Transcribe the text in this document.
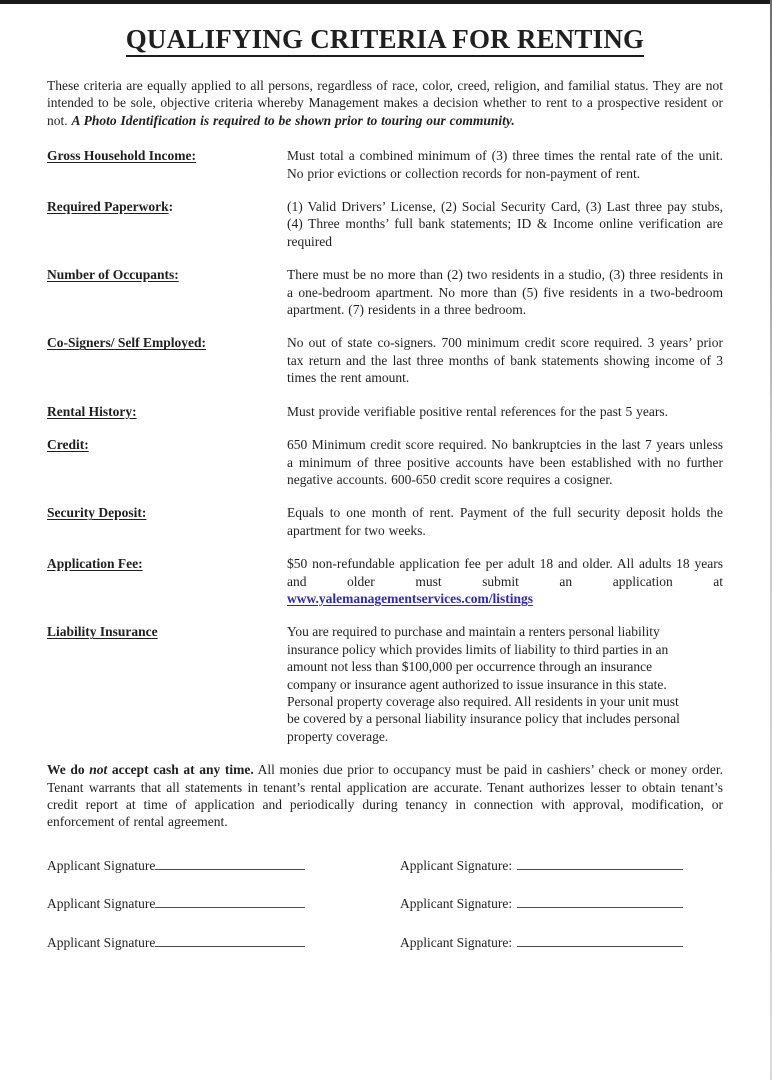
QUALIFYING CRITERIA FOR RENTING

These criteria are equally applied to all persons, regardless of race, color, creed, religion, and familial status. They are not intended to be sole, objective criteria whereby Management makes a decision whether to rent to a prospective resident or not. A Photo Identification is required to be shown prior to touring our community.

Gross Household Income:	Must total a combined minimum of (3) three times the rental rate of the unit. No prior evictions or collection records for non-payment of rent.
Required Paperwork:	(1) Valid Drivers’ License, (2) Social Security Card, (3) Last three pay stubs, (4) Three months’ full bank statements; ID & Income online verification are required
Number of Occupants:	There must be no more than (2) two residents in a studio, (3) three residents in a one-bedroom apartment. No more than (5) five residents in a two-bedroom apartment. (7) residents in a three bedroom.
Co-Signers/ Self Employed:	No out of state co-signers. 700 minimum credit score required. 3 years’ prior tax return and the last three months of bank statements showing income of 3 times the rent amount.
Rental History:	Must provide verifiable positive rental references for the past 5 years.
Credit:	650 Minimum credit score required. No bankruptcies in the last 7 years unless a minimum of three positive accounts have been established with no further negative accounts. 600-650 credit score requires a cosigner.
Security Deposit:	Equals to one month of rent. Payment of the full security deposit holds the apartment for two weeks.
Application Fee:	$50 non-refundable application fee per adult 18 and older. All adults 18 years and older must submit an application at www.yalemanagementservices.com/listings
Liability Insurance	You are required to purchase and maintain a renters personal liability insurance policy which provides limits of liability to third parties in an amount not less than $100,000 per occurrence through an insurance company or insurance agent authorized to issue insurance in this state. Personal property coverage also required. All residents in your unit must be covered by a personal liability insurance policy that includes personal property coverage.

We do not accept cash at any time. All monies due prior to occupancy must be paid in cashiers’ check or money order. Tenant warrants that all statements in tenant’s rental application are accurate. Tenant authorizes lesser to obtain tenant’s credit report at time of application and periodically during tenancy in connection with approval, modification, or enforcement of rental agreement.

Applicant Signature	Applicant Signature:
Applicant Signature	Applicant Signature:
Applicant Signature	Applicant Signature:
